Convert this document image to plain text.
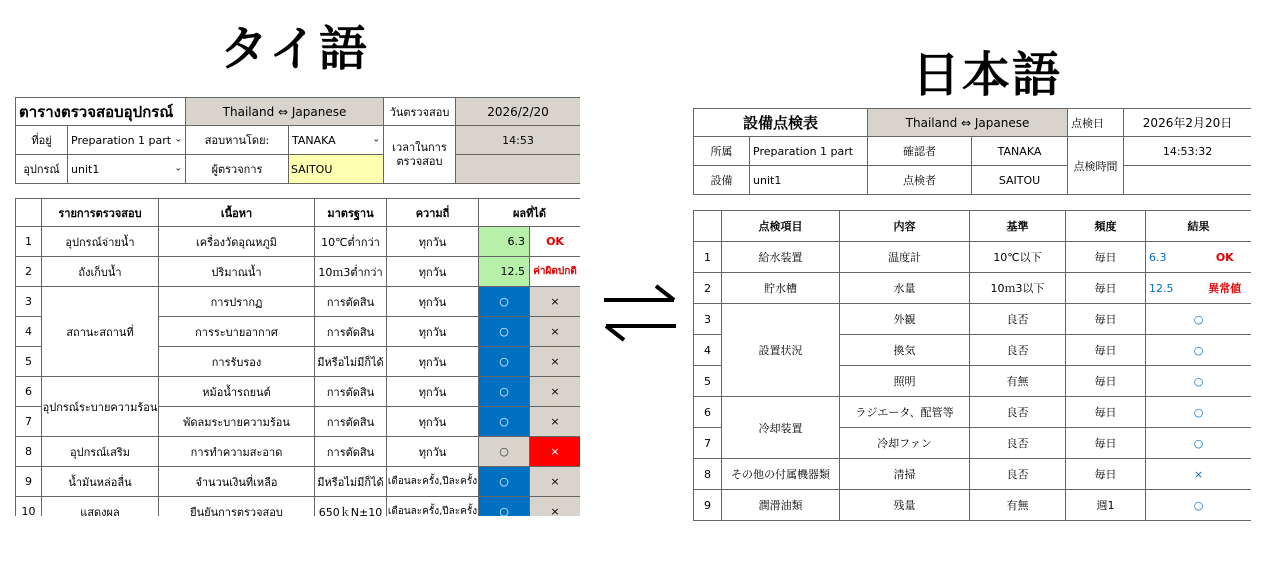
タイ語	日本語
ตารางตรวจสอบอุปกรณ์		Thailand ⇔ Japanese		วันตรวจสอบ	2026/2/20
ที่อยู่	Preparation 1 part ⌄	สอบหานโดย:	TANAKA ⌄	เวลาในการตรวจสอบ	14:53
อุปกรณ์	unit1 ⌄	ผู้ตรวจการ	SAITOU		
	รายการตรวจสอบ	เนื้อหา	มาตรฐาน	ความถี่	ผลที่ได้	
1	อุปกรณ์จ่ายน้ำ	เครื่องวัดอุณหภูมิ	10℃ต่ำกว่า	ทุกวัน	6.3	OK
2	ถังเก็บน้ำ	ปริมาณน้ำ	10ｍ3ต่ำกว่า	ทุกวัน	12.5	ค่าผิดปกติ
3	สถานะสถานที่	การปรากฏ	การตัดสิน	ทุกวัน	○	×
4		การระบายอากาศ	การตัดสิน	ทุกวัน	○	×
5		การรับรอง	มีหรือไม่มีก็ได้	ทุกวัน	○	×
6	อุปกรณ์ระบายความร้อน	หม้อน้ำรถยนต์	การตัดสิน	ทุกวัน	○	×
7		พัดลมระบายความร้อน	การตัดสิน	ทุกวัน	○	×
8	อุปกรณ์เสริม	การทำความสะอาด	การตัดสิน	ทุกวัน	○	×
9	น้ำมันหล่อลื่น	จำนวนเงินที่เหลือ	มีหรือไม่มีก็ได้	เดือนละครั้ง,ปีละครั้ง	○	×
10	แสดงผล	ยืนยันการตรวจสอบ	650ｋN±10	เดือนละครั้ง,ปีละครั้ง	○	×
設備点検表		Thailand ⇔ Japanese		点検日	2026年2月20日
所属	Preparation 1 part	確認者	TANAKA	点検時間	14:53:32
設備	unit1	点検者	SAITOU		
	点検項目	内容	基準	頻度	結果	
1	給水装置	温度計	10℃以下	毎日	6.3	OK
2	貯水槽	水量	10ｍ3以下	毎日	12.5	異常値
3	設置状況	外観	良否	毎日	○	
4		換気	良否	毎日	○	
5		照明	有無	毎日	○	
6	冷却装置	ラジエータ、配管等	良否	毎日	○	
7		冷却ファン	良否	毎日	○	
8	その他の付属機器類	清掃	良否	毎日	×	
9	潤滑油類	残量	有無	週1	○	
